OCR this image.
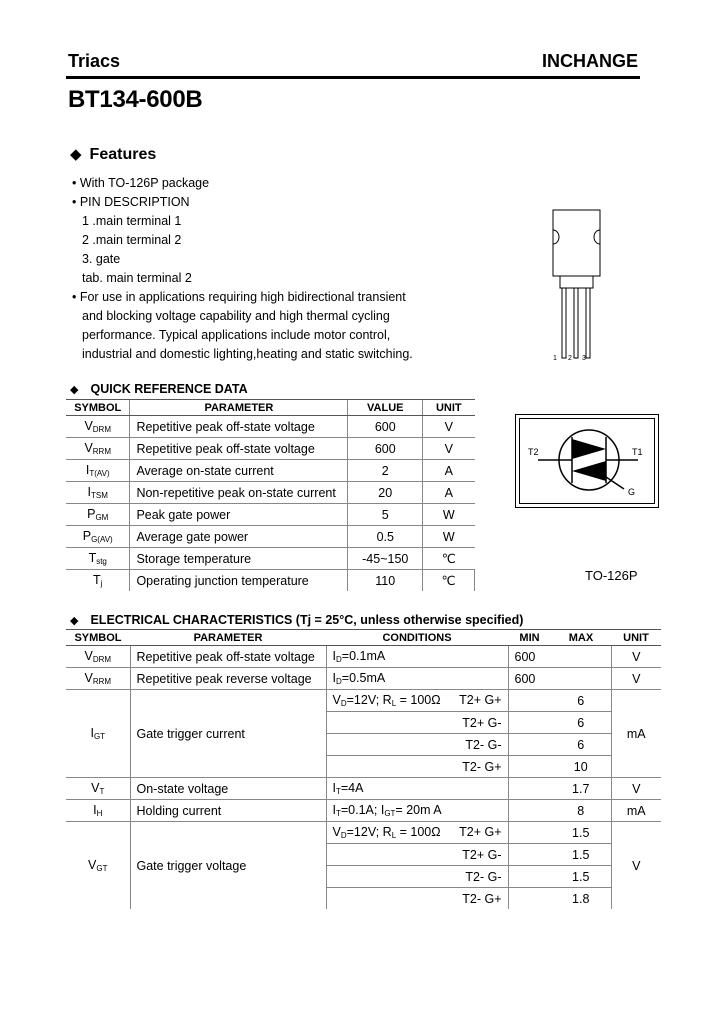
Triacs	INCHANGE
BT134-600B
◆ Features
• With TO-126P package
• PIN DESCRIPTION
1 .main terminal 1
2 .main terminal 2
3. gate
tab. main terminal 2
• For use in applications requiring high bidirectional transient
and blocking voltage capability and high thermal cycling
performance. Typical applications include motor control,
industrial and domestic lighting,heating and static switching.	1 2 3
T2	T1
G
TO-126P
◆ QUICK REFERENCE DATA
SYMBOL	PARAMETER	VALUE	UNIT
$V_{DRM}$	Repetitive peak off-state voltage	600	V
$V_{RRM}$	Repetitive peak off-state voltage	600	V
$I_{T(AV)}$	Average on-state current	2	A
$I_{TSM}$	Non-repetitive peak on-state current	20	A
$P_{GM}$	Peak gate power	5	W
$P_{G(AV)}$	Average gate power	0.5	W
$T_{stg}$	Storage temperature	-45~150	℃
$T_j$	Operating junction temperature	110	℃
◆ ELECTRICAL CHARACTERISTICS (Tj = 25°C, unless otherwise specified)
SYMBOL	PARAMETER	CONDITIONS	MIN	MAX	UNIT
$V_{DRM}$	Repetitive peak off-state voltage	$I_D=0.1mA$	600		V
$V_{RRM}$	Repetitive peak reverse voltage	$I_D=0.5mA$	600		V
$I_{GT}$	Gate trigger current	$V_D=12V$; $R_L = 100\Omega$ T2+ G+		6	mA
		T2+ G-		6	
		T2- G-		6	
		T2- G+		10	
$V_T$	On-state voltage	$I_T=4A$		1.7	V
$I_H$	Holding current	$I_T=0.1A$; $I_{GT}= 20m$ A		8	mA
$V_{GT}$	Gate trigger voltage	$V_D=12V$; $R_L = 100\Omega$ T2+ G+		1.5	V
		T2+ G-		1.5	
		T2- G-		1.5	
		T2- G+		1.8	
